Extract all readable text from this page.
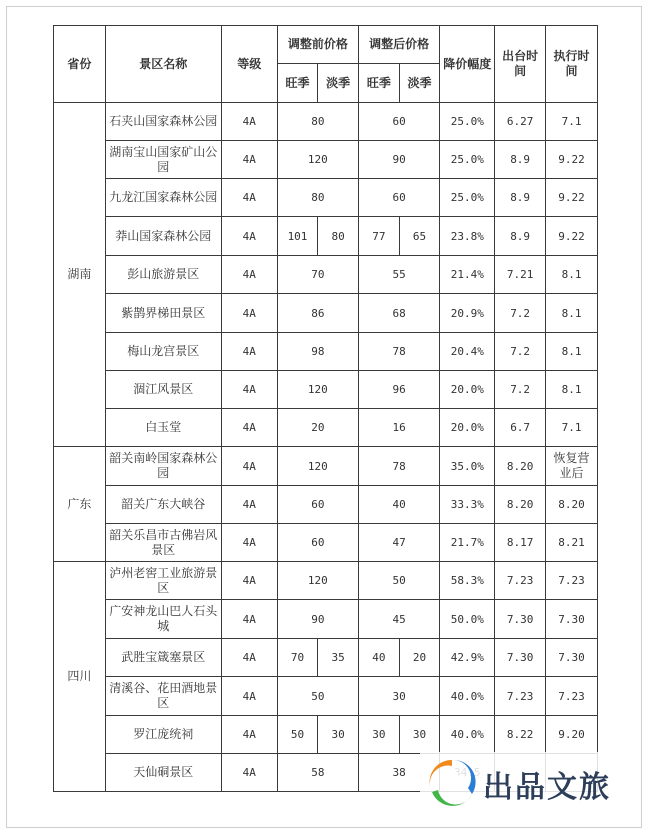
省份	景区名称	等级	调整前价格		调整后价格		降价幅度	出台时间	执行时间
			旺季	淡季	旺季	淡季			
湖南	石夹山国家森林公园	4A	80		60		25.0%	6.27	7.1
	湖南宝山国家矿山公园	4A	120		90		25.0%	8.9	9.22
	九龙江国家森林公园	4A	80		60		25.0%	8.9	9.22
	莽山国家森林公园	4A	101	80	77	65	23.8%	8.9	9.22
	彭山旅游景区	4A	70		55		21.4%	7.21	8.1
	紫鹊界梯田景区	4A	86		68		20.9%	7.2	8.1
	梅山龙宫景区	4A	98		78		20.4%	7.2	8.1
	涸江风景区	4A	120		96		20.0%	7.2	8.1
	白玉堂	4A	20		16		20.0%	6.7	7.1
广东	韶关南岭国家森林公园	4A	120		78		35.0%	8.20	恢复营业后
	韶关广东大峡谷	4A	60		40		33.3%	8.20	8.20
	韶关乐昌市古佛岩风景区	4A	60		47		21.7%	8.17	8.21
四川	泸州老窖工业旅游景区	4A	120		50		58.3%	7.23	7.23
	广安神龙山巴人石头城	4A	90		45		50.0%	7.30	7.30
	武胜宝箴塞景区	4A	70	35	40	20	42.9%	7.30	7.30
	清溪谷、花田酒地景区	4A	50		30		40.0%	7.23	7.23
	罗江庞统祠	4A	50	30	30	30	40.0%	8.22	9.20
	天仙硐景区	4A	58		38				出品文旅
